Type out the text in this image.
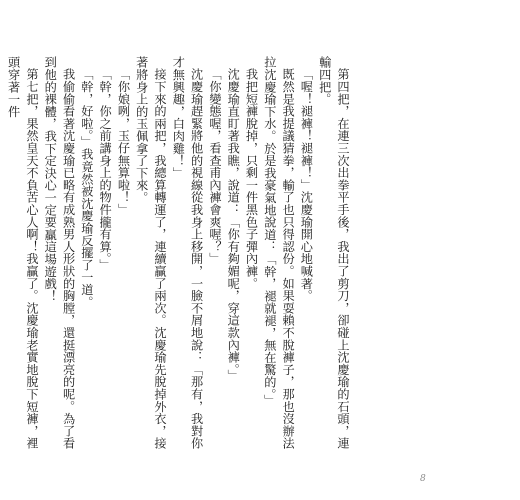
第四把，在連三次出拳平手後，我出了剪刀，卻碰上沈慶瑜的石頭，連輸四把。

「喔！褪褲！褪褲！」沈慶瑜開心地喊著。

既然是我提議猜拳，輸了也只得認份。如果耍賴不脫褲子，那也沒辦法拉沈慶瑜下水。於是我豪氣地說道：「幹，褪就褪，無在驚的。」

我把短褲脫掉，只剩一件黑色子彈內褲。

沈慶瑜直盯著我瞧，說道：「你有夠媚呢，穿這款內褲。」

「你變態喔，看查甫內褲會爽喔？」

沈慶瑜趕緊將他的視線從我身上移開，一臉不屑地說：「那有，我對你才無興趣，白肉雞！」

接下來的兩把，我總算轉運了，連續贏了兩次。沈慶瑜先脫掉外衣，接著將身上的玉佩拿了下來。

「你娘咧，玉仔無算啦！」

「幹，你之前講身上的物件攏有算。」

「幹，好啦。」我竟然被沈慶瑜反擺了一道。

我偷偷看著沈慶瑜已略有成熟男人形狀的胸膛，還挺漂亮的呢。為了看到他的裸體，我下定決心一定要贏這場遊戲！

第七把，果然皇天不負苦心人啊！我贏了。沈慶瑜老實地脫下短褲，裡頭穿著一件

8
